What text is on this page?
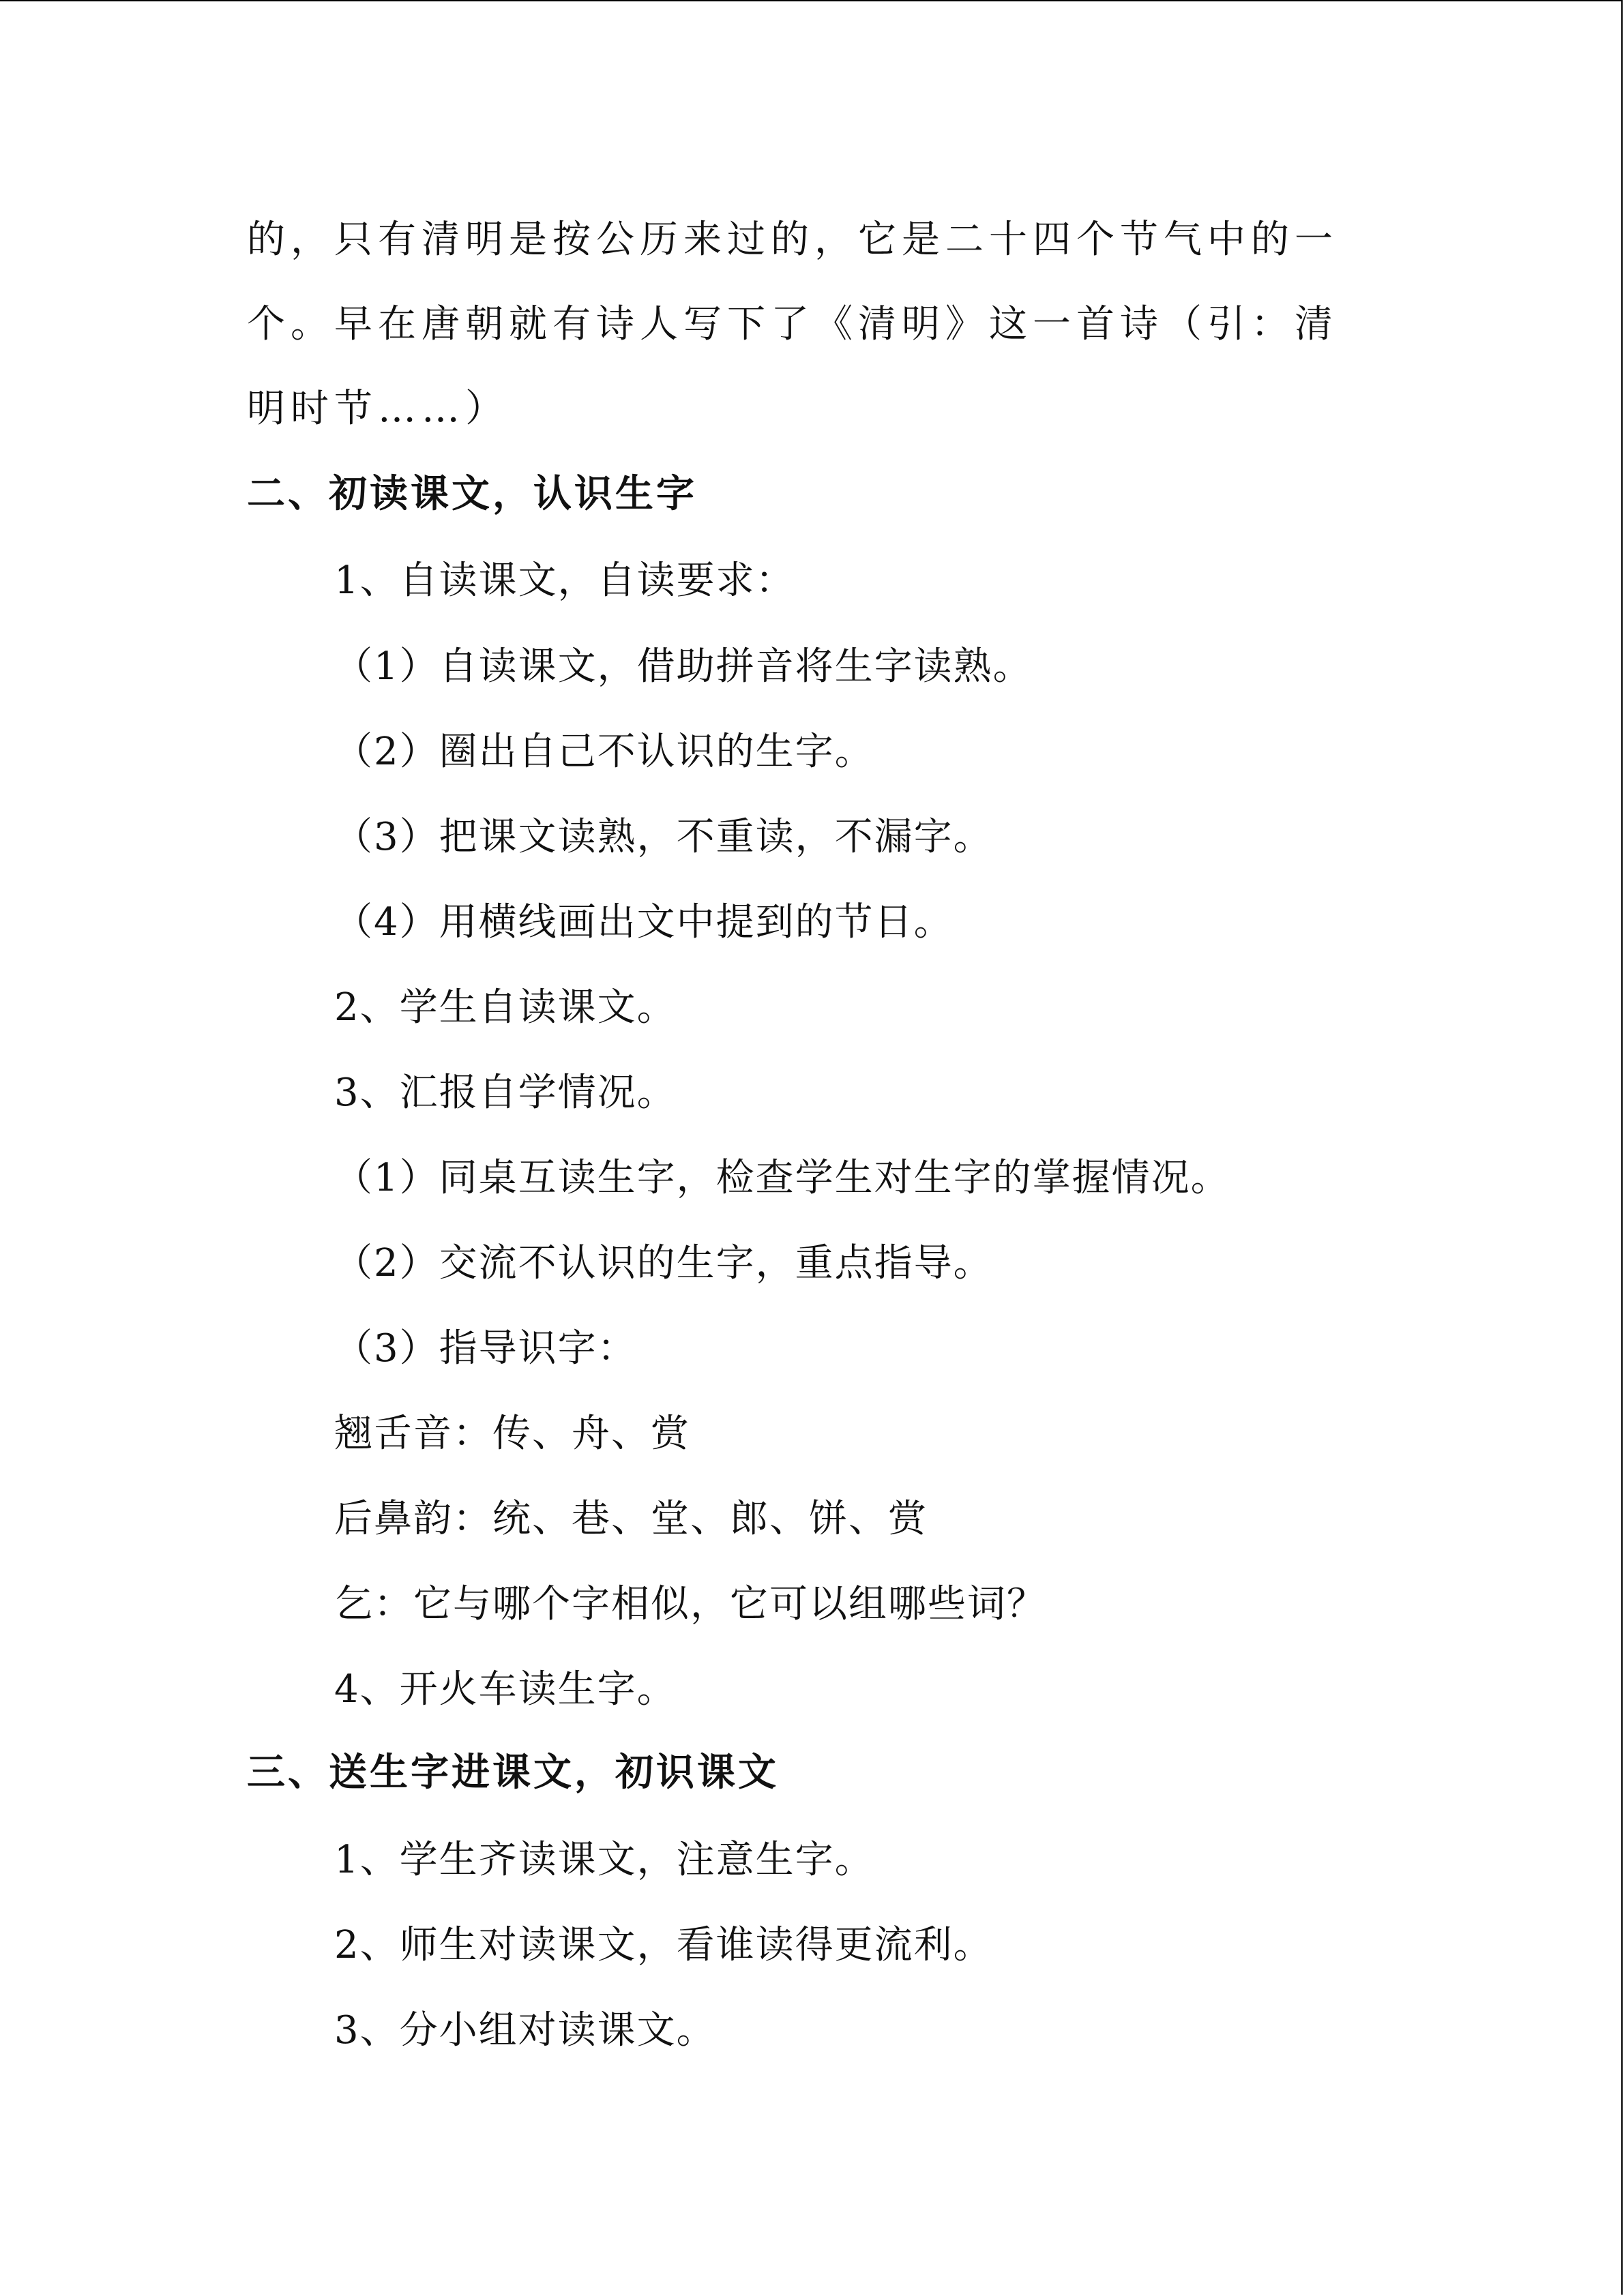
的，只有清明是按公历来过的，它是二十四个节气中的一个。早在唐朝就有诗人写下了《清明》这一首诗（引：清明时节……）
二、初读课文，认识生字
1、自读课文，自读要求：
（1）自读课文，借助拼音将生字读熟。
（2）圈出自己不认识的生字。
（3）把课文读熟，不重读，不漏字。
（4）用横线画出文中提到的节日。
2、学生自读课文。
3、汇报自学情况。
（1）同桌互读生字，检查学生对生字的掌握情况。
（2）交流不认识的生字，重点指导。
（3）指导识字：
翘舌音：传、舟、赏
后鼻韵：统、巷、堂、郎、饼、赏
乞：它与哪个字相似，它可以组哪些词？
4、开火车读生字。
三、送生字进课文，初识课文
1、学生齐读课文，注意生字。
2、师生对读课文，看谁读得更流利。
3、分小组对读课文。
